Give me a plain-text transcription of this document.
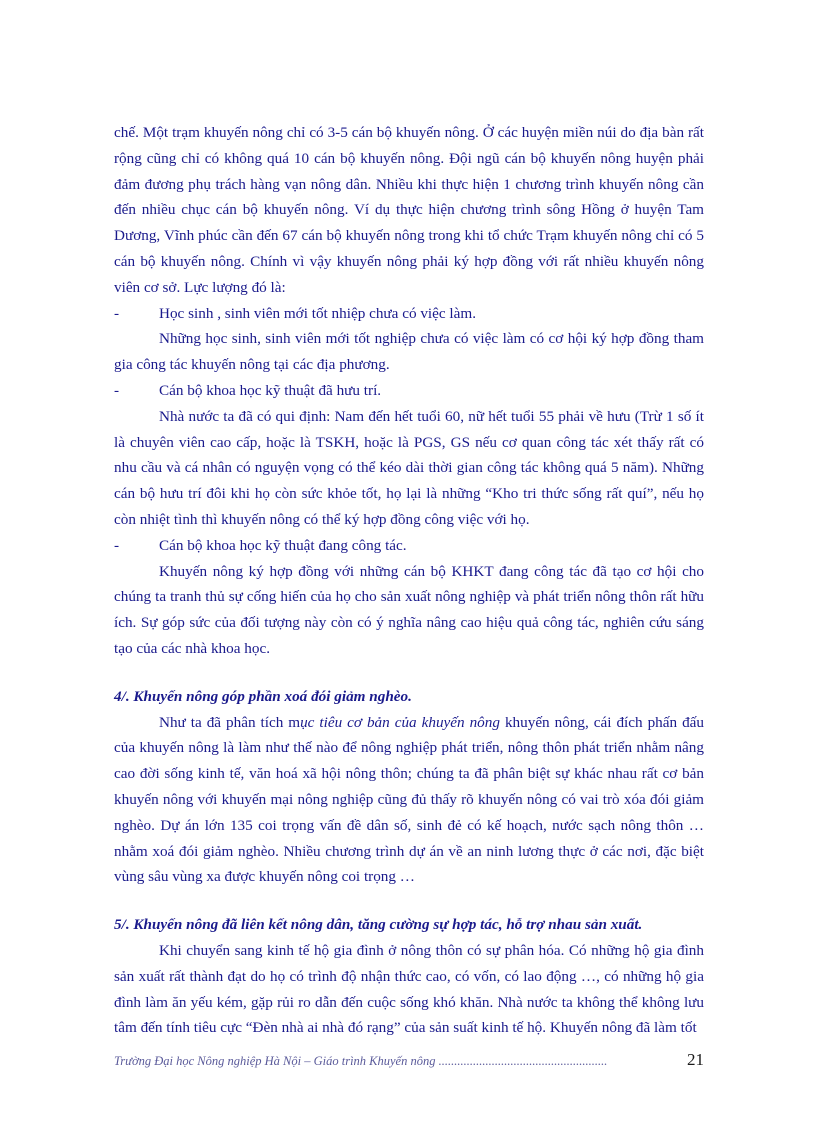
chế. Một trạm khuyến nông chỉ có 3-5 cán bộ khuyến nông. Ở các huyện miền núi do địa bàn rất rộng cũng chỉ có không quá 10 cán bộ khuyến nông. Đội ngũ cán bộ khuyến nông huyện phải đảm đương phụ trách hàng vạn nông dân. Nhiều khi thực hiện 1 chương trình khuyến nông cần đến nhiều chục cán bộ khuyến nông. Ví dụ thực hiện chương trình sông Hồng ở huyện Tam Dương, Vĩnh phúc cần đến 67 cán bộ khuyến nông trong khi tổ chức Trạm khuyến nông chỉ có 5 cán bộ khuyến nông. Chính vì vậy khuyến nông phải ký hợp đồng với rất nhiều khuyến nông viên cơ sở. Lực lượng đó là:

-	Học sinh , sinh viên mới tốt nhiệp chưa có việc làm.

Những học sinh, sinh viên mới tốt nghiệp chưa có việc làm có cơ hội ký hợp đồng tham gia công tác khuyến nông tại các địa phương.

-	Cán bộ khoa học kỹ thuật đã hưu trí.

Nhà nước ta đã có qui định: Nam đến hết tuổi 60, nữ hết tuổi 55 phải về hưu (Trừ 1 số ít là chuyên viên cao cấp, hoặc là TSKH, hoặc là PGS, GS nếu cơ quan công tác xét thấy rất có nhu cầu và cá nhân có nguyện vọng có thể kéo dài thời gian công tác không quá 5 năm). Những cán bộ hưu trí đôi khi họ còn sức khỏe tốt, họ lại là những “Kho tri thức sống rất quí”, nếu họ còn nhiệt tình thì khuyến nông có thể ký hợp đồng công việc với họ.

-	Cán bộ khoa học kỹ thuật đang công tác.

Khuyến nông ký hợp đồng với những cán bộ KHKT đang công tác đã tạo cơ hội cho chúng ta tranh thủ sự cống hiến của họ cho sản xuất nông nghiệp và phát triển nông thôn rất hữu ích. Sự góp sức của đối tượng này còn có ý nghĩa nâng cao hiệu quả công tác, nghiên cứu sáng tạo của các nhà khoa học.

4/. Khuyến nông góp phần xoá đói giảm nghèo.

Như ta đã phân tích mục tiêu cơ bản của khuyến nông khuyến nông, cái đích phấn đấu của khuyến nông là làm như thế nào để nông nghiệp phát triển, nông thôn phát triển nhằm nâng cao đời sống kinh tế, văn hoá xã hội nông thôn; chúng ta đã phân biệt sự khác nhau rất cơ bản khuyến nông với khuyến mại nông nghiệp cũng đủ thấy rõ khuyến nông có vai trò xóa đói giảm nghèo. Dự án lớn 135 coi trọng vấn đề dân số, sinh đẻ có kế hoạch, nước sạch nông thôn …nhằm xoá đói giảm nghèo. Nhiều chương trình dự án về an ninh lương thực ở các nơi, đặc biệt vùng sâu vùng xa được khuyến nông coi trọng …

5/. Khuyến nông đã liên kết nông dân, tăng cường sự hợp tác, hỗ trợ nhau sản xuất.

Khi chuyển sang kinh tế hộ gia đình ở nông thôn có sự phân hóa. Có những hộ gia đình sản xuất rất thành đạt do họ có trình độ nhận thức cao, có vốn, có lao động …, có những hộ gia đình làm ăn yếu kém, gặp rủi ro dẫn đến cuộc sống khó khăn. Nhà nước ta không thể không lưu tâm đến tính tiêu cực “Đèn nhà ai nhà đó rạng” của sản suất kinh tế hộ. Khuyến nông đã làm tốt

Trường Đại học Nông nghiệp Hà Nội – Giáo trình Khuyến nông ......................................................	21
